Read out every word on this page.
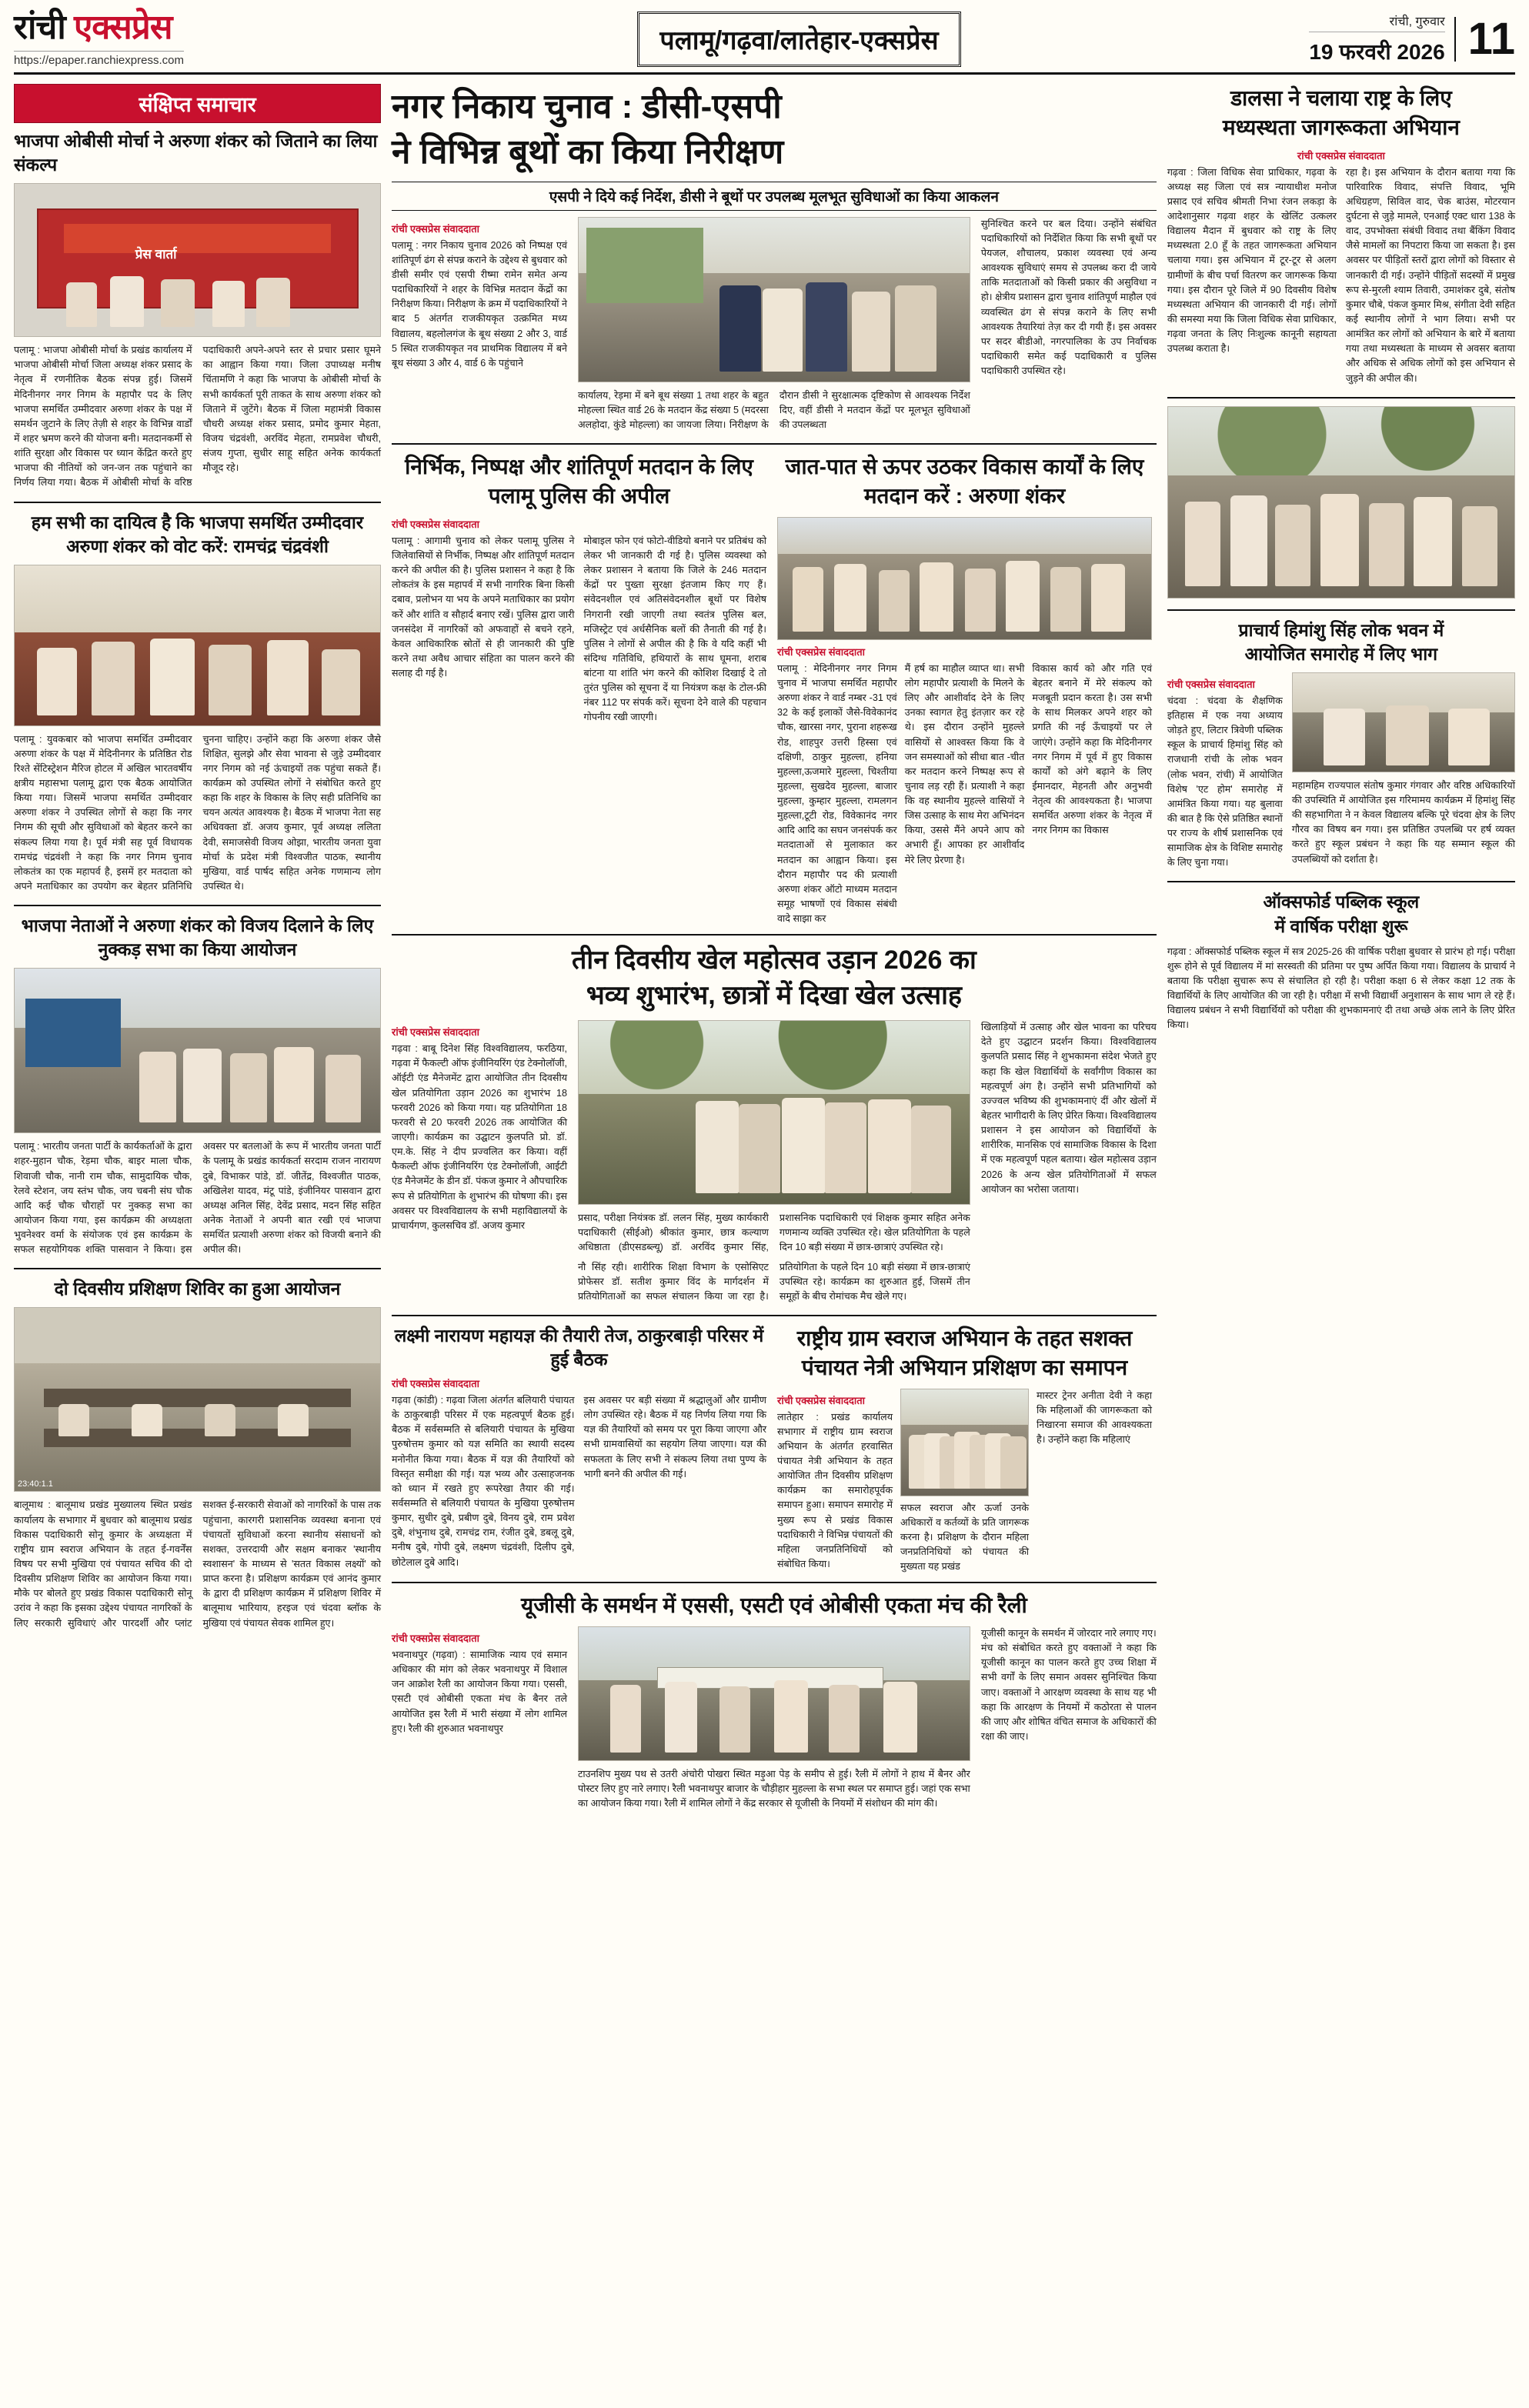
रांची एक्सप्रेस
https://epaper.ranchiexpress.com
पलामू/गढ़वा/लातेहार-एक्सप्रेस
रांची, गुरुवार
19 फरवरी 2026 11
संक्षिप्त समाचार
भाजपा ओबीसी मोर्चा ने अरुणा शंकर को जिताने का लिया संकल्प
प्रेस वार्ता
पलामू : भाजपा ओबीसी मोर्चा के प्रखंड कार्यालय में भाजपा ओबीसी मोर्चा जिला अध्यक्ष शंकर प्रसाद के नेतृत्व में रणनीतिक बैठक संपन्न हुई। जिसमें मेदिनीनगर नगर निगम के महापौर पद के लिए भाजपा समर्थित उम्मीदवार अरुणा शंकर के पक्ष में समर्थन जुटाने के लिए तेज़ी से शहर के विभिन्न वार्डों में शहर भ्रमण करने की योजना बनी। मतदानकर्मी से शांति सुरक्षा और विकास पर ध्यान केंद्रित करते हुए भाजपा की नीतियों को जन-जन तक पहुंचाने का निर्णय लिया गया। बैठक में ओबीसी मोर्चा के वरिष्ठ पदाधिकारी अपने-अपने स्तर से प्रचार प्रसार घूमने का आह्वान किया गया। जिला उपाध्यक्ष मनीष चिंतामणि ने कहा कि भाजपा के ओबीसी मोर्चा के सभी कार्यकर्ता पूरी ताकत के साथ अरुणा शंकर को जिताने में जुटेंगे। बैठक में जिला महामंत्री विकास चौधरी अध्यक्ष शंकर प्रसाद, प्रमोद कुमार मेहता, विजय चंद्रवंशी, अरविंद मेहता, रामप्रवेश चौधरी, संजय गुप्ता, सुधीर साहू सहित अनेक कार्यकर्ता मौजूद रहे।
हम सभी का दायित्व है कि भाजपा समर्थित उम्मीदवार अरुणा शंकर को वोट करें: रामचंद्र चंद्रवंशी
पलामू : युवकबार को भाजपा समर्थित उम्मीदवार अरुणा शंकर के पक्ष में मेदिनीनगर के प्रतिष्ठित रोड रिश्ते सेंटिस्ट्रेशन मैरिज होटल में अखिल भारतवर्षीय क्षत्रीय महासभा पलामू द्वारा एक बैठक आयोजित किया गया। जिसमें भाजपा समर्थित उम्मीदवार अरुणा शंकर ने उपस्थित लोगों से कहा कि नगर निगम की सूची और सुविधाओं को बेहतर करने का संकल्प लिया गया है। पूर्व मंत्री सह पूर्व विधायक रामचंद्र चंद्रवंशी ने कहा कि नगर निगम चुनाव लोकतंत्र का एक महापर्व है, इसमें हर मतदाता को अपने मताधिकार का उपयोग कर बेहतर प्रतिनिधि चुनना चाहिए। उन्होंने कहा कि अरुणा शंकर जैसे शिक्षित, सुलझे और सेवा भावना से जुड़े उम्मीदवार नगर निगम को नई ऊंचाइयों तक पहुंचा सकते हैं। कार्यक्रम को उपस्थित लोगों ने संबोधित करते हुए कहा कि शहर के विकास के लिए सही प्रतिनिधि का चयन अत्यंत आवश्यक है। बैठक में भाजपा नेता सह अधिवक्ता डॉ. अजय कुमार, पूर्व अध्यक्ष ललिता देवी, समाजसेवी विजय ओझा, भारतीय जनता युवा मोर्चा के प्रदेश मंत्री विश्वजीत पाठक, स्थानीय मुखिया, वार्ड पार्षद सहित अनेक गणमान्य लोग उपस्थित थे।
भाजपा नेताओं ने अरुणा शंकर को विजय दिलाने के लिए नुक्कड़ सभा का किया आयोजन
पलामू : भारतीय जनता पार्टी के कार्यकर्ताओं के द्वारा शहर-मुहान चौक, रेड़मा चौक, बाइर माला चौक, शिवाजी चौक, नानी राम चौक, सामुदायिक चौक, रेलवे स्टेशन, जय स्तंभ चौक, जय चबनी संघ चौक आदि कई चौक चौराहों पर नुक्कड़ सभा का आयोजन किया गया, इस कार्यक्रम की अध्यक्षता भुवनेश्वर वर्मा के संयोजक एवं इस कार्यक्रम के सफल सहयोगियक शक्ति पासवान ने किया। इस अवसर पर बतलाओं के रूप में भारतीय जनता पार्टी के पलामू के प्रखंड कार्यकर्ता सरदाम राजन नारायण दुबे, विभाकर पांडे, डॉ. जीतेंद्र, विश्वजीत पाठक, अखिलेश यादव, मंटू पांडे, इंजीनियर पासवान द्वारा अध्यक्ष अनिल सिंह, देवेंद्र प्रसाद, मदन सिंह सहित अनेक नेताओं ने अपनी बात रखी एवं भाजपा समर्थित प्रत्याशी अरुणा शंकर को विजयी बनाने की अपील की।
दो दिवसीय प्रशिक्षण शिविर का हुआ आयोजन
23:40:1.1
बालूमाथ : बालूमाथ प्रखंड मुख्यालय स्थित प्रखंड कार्यालय के सभागार में बुधवार को बालूमाथ प्रखंड विकास पदाधिकारी सोनू कुमार के अध्यक्षता में राष्ट्रीय ग्राम स्वराज अभियान के तहत ई-गवर्नेंस विषय पर सभी मुखिया एवं पंचायत सचिव की दो दिवसीय प्रशिक्षण शिविर का आयोजन किया गया। मौके पर बोलते हुए प्रखंड विकास पदाधिकारी सोनू उरांव ने कहा कि इसका उद्देश्य पंचायत नागरिकों के लिए सरकारी सुविधाएं और पारदर्शी और प्लांट सशक्त ई-सरकारी सेवाओं को नागरिकों के पास तक पहुंचाना, कारगरी प्रशासनिक व्यवस्था बनाना एवं पंचायतों सुविधाओं करना स्थानीय संसाधनों को सशक्त, उत्तरदायी और सक्षम बनाकर 'स्थानीय स्वशासन' के माध्यम से 'सतत विकास लक्ष्यों' को प्राप्त करना है। प्रशिक्षण कार्यक्रम एवं आनंद कुमार के द्वारा दी प्रशिक्षण कार्यक्रम में प्रशिक्षण शिविर में बालूमाथ भारियाय, हरइज एवं चंदवा ब्लॉक के मुखिया एवं पंचायत सेवक शामिल हुए।
नगर निकाय चुनाव : डीसी-एसपी
ने विभिन्न बूथों का किया निरीक्षण
एसपी ने दिये कई निर्देश, डीसी ने बूथों पर उपलब्ध मूलभूत सुविधाओं का किया आकलन
रांची एक्सप्रेस संवाददाता
पलामू : नगर निकाय चुनाव 2026 को निष्पक्ष एवं शांतिपूर्ण ढंग से संपन्न कराने के उद्देश्य से बुधवार को डीसी समीर एवं एसपी रीष्मा रामेन समेत अन्य पदाधिकारियों ने शहर के विभिन्न मतदान केंद्रों का निरीक्षण किया। निरीक्षण के क्रम में पदाधिकारियों ने बाद 5 अंतर्गत राजकीयकृत उत्क्रमित मध्य विद्यालय, बहलोलगंज के बूथ संख्या 2 और 3, वार्ड 5 स्थित राजकीयकृत नव प्राथमिक विद्यालय में बने बूथ संख्या 3 और 4, वार्ड 6 के पहुंचाने
कार्यालय, रेड़मा में बने बूथ संख्या 1 तथा शहर के बहुत मोहल्ला स्थित वार्ड 26 के मतदान केंद्र संख्या 5 (मदरसा अलहोदा, कुंडे मोहल्ला) का जायजा लिया। निरीक्षण के दौरान डीसी ने सुरक्षात्मक दृष्टिकोण से आवश्यक निर्देश दिए, वहीं डीसी ने मतदान केंद्रों पर मूलभूत सुविधाओं की उपलब्धता
सुनिश्चित करने पर बल दिया। उन्होंने संबंधित पदाधिकारियों को निर्देशित किया कि सभी बूथों पर पेयजल, शौचालय, प्रकाश व्यवस्था एवं अन्य आवश्यक सुविधाएं समय से उपलब्ध करा दी जाये ताकि मतदाताओं को किसी प्रकार की असुविधा न हो। क्षेत्रीय प्रशासन द्वारा चुनाव शांतिपूर्ण माहौल एवं व्यवस्थित ढंग से संपन्न कराने के लिए सभी आवश्यक तैयारियां तेज़ कर दी गयी हैं। इस अवसर पर सदर बीडीओ, नगरपालिका के उप निर्वाचक पदाधिकारी समेत कई पदाधिकारी व पुलिस पदाधिकारी उपस्थित रहे।
निर्भिक, निष्पक्ष और शांतिपूर्ण मतदान के लिए पलामू पुलिस की अपील
रांची एक्सप्रेस संवाददाता
पलामू : आगामी चुनाव को लेकर पलामू पुलिस ने जिलेवासियों से निर्भीक, निष्पक्ष और शांतिपूर्ण मतदान करने की अपील की है। पुलिस प्रशासन ने कहा है कि लोकतंत्र के इस महापर्व में सभी नागरिक बिना किसी दबाव, प्रलोभन या भय के अपने मताधिकार का प्रयोग करें और शांति व सौहार्द बनाए रखें। पुलिस द्वारा जारी जनसंदेश में नागरिकों को अफवाहों से बचने रहने, केवल आधिकारिक स्रोतों से ही जानकारी की पुष्टि करने तथा अवैध आचार संहिता का पालन करने की सलाह दी गई है।
मोबाइल फोन एवं फोटो-वीडियो बनाने पर प्रतिबंध को लेकर भी जानकारी दी गई है। पुलिस व्यवस्था को लेकर प्रशासन ने बताया कि जिले के 246 मतदान केंद्रों पर पुख्ता सुरक्षा इंतजाम किए गए हैं। संवेदनशील एवं अतिसंवेदनशील बूथों पर विशेष निगरानी रखी जाएगी तथा स्वतंत्र पुलिस बल, मजिस्ट्रेट एवं अर्धसैनिक बलों की तैनाती की गई है। पुलिस ने लोगों से अपील की है कि वे यदि कहीं भी संदिग्ध गतिविधि, हथियारों के साथ घूमना, शराब बांटना या शांति भंग करने की कोशिश दिखाई दे तो तुरंत पुलिस को सूचना दें या नियंत्रण कक्ष के टोल-फ्री नंबर 112 पर संपर्क करें। सूचना देने वाले की पहचान गोपनीय रखी जाएगी।
जात-पात से ऊपर उठकर विकास कार्यों के लिए मतदान करें : अरुणा शंकर
रांची एक्सप्रेस संवाददाता
पलामू : मेदिनीनगर नगर निगम चुनाव में भाजपा समर्थित महापौर अरुणा शंकर ने वार्ड नम्बर -31 एवं 32 के कई इलाकों जैसे-विवेकानंद चौक, खारसा नगर, पुराना शहरूख रोड, शाहपुर उत्तरी हिस्सा एवं दक्षिणी, ठाकुर मुहल्ला, हनिया मुहल्ला,ऊजमारे मुहल्ला, चिश्तीया मुहल्ला, सुखदेव मुहल्ला, बाजार मुहल्ला, कुम्हार मुहल्ला, रामलगन मुहल्ला,टूटी रोड, विवेकानंद नगर आदि आदि का सघन जनसंपर्क कर मतदाताओं से मुलाकात कर मतदान का आह्वान किया। इस दौरान महापौर पद की प्रत्याशी अरुणा शंकर ऑटो माध्यम मतदान समूह भाषणों एवं विकास संबंधी वादे साझा कर
मैं हर्ष का माहौल व्याप्त था। सभी लोग महापौर प्रत्याशी के मिलने के लिए और आशीर्वाद देने के लिए उनका स्वागत हेतु इंतज़ार कर रहे थे। इस दौरान उन्होंने मुहल्ले वासियों से आश्वस्त किया कि वे जन समस्याओं को सीधा बात -चीत कर मतदान करने निष्पक्ष रूप से चुनाव लड़ रही हैं। प्रत्याशी ने कहा कि वह स्थानीय मुहल्ले वासियों ने जिस उत्साह के साथ मेरा अभिनंदन किया, उससे मैंने अपने आप को अभारी हूँ। आपका हर आशीर्वाद मेरे लिए प्रेरणा है।
विकास कार्य को और गति एवं बेहतर बनाने में मेरे संकल्प को मजबूती प्रदान करता है। उस सभी के साथ मिलकर अपने शहर को प्रगति की नई ऊँचाइयों पर ले जाएंगे। उन्होंने कहा कि मेदिनीनगर नगर निगम में पूर्व में हुए विकास कार्यों को अंगे बढ़ाने के लिए ईमानदार, मेहनती और अनुभवी नेतृत्व की आवश्यकता है। भाजपा समर्थित अरुणा शंकर के नेतृत्व में नगर निगम का विकास
तीन दिवसीय खेल महोत्सव उड़ान 2026 का
भव्य शुभारंभ, छात्रों में दिखा खेल उत्साह
रांची एक्सप्रेस संवाददाता
गढ़वा : बाबू दिनेश सिंह विश्वविद्यालय, फरठिया, गढ़वा में फैकल्टी ऑफ इंजीनियरिंग एंड टेक्नोलॉजी, ऑईटी एंड मैनेजमेंट द्वारा आयोजित तीन दिवसीय खेल प्रतियोगिता उड़ान 2026 का शुभारंभ 18 फरवरी 2026 को किया गया। यह प्रतियोगिता 18 फरवरी से 20 फरवरी 2026 तक आयोजित की जाएगी। कार्यक्रम का उद्घाटन कुलपति प्रो. डॉ. एम.के. सिंह ने दीप प्रज्वलित कर किया। वहीं फैकल्टी ऑफ इंजीनियरिंग एंड टेक्नोलॉजी, आईटी एंड मैनेजमेंट के डीन डॉ. पंकज कुमार ने औपचारिक रूप से प्रतियोगिता के शुभारंभ की घोषणा की। इस अवसर पर विश्वविद्यालय के सभी महाविद्यालयों के प्राचार्यगण, कुलसचिव डॉ. अजय कुमार
प्रसाद, परीक्षा नियंत्रक डॉ. ललन सिंह, मुख्य कार्यकारी पदाधिकारी (सीईओ) श्रीकांत कुमार, छात्र कल्याण अधिष्ठाता (डीएसडब्ल्यू) डॉ. अरविंद कुमार सिंह, प्रशासनिक पदाधिकारी एवं शिक्षक कुमार सहित अनेक गणमान्य व्यक्ति उपस्थित रहे। खेल प्रतियोगिता के पहले दिन 10 बड़ी संख्या में छात्र-छात्राएं उपस्थित रहे।
नौ सिंह रही। शारीरिक शिक्षा विभाग के एसोसिएट प्रोफेसर डॉ. सतीश कुमार विंद के मार्गदर्शन में प्रतियोगिताओं का सफल संचालन किया जा रहा है। प्रतियोगिता के पहले दिन 10 बड़ी संख्या में छात्र-छात्राएं उपस्थित रहे। कार्यक्रम का शुरुआत हुई, जिसमें तीन समूहों के बीच रोमांचक मैच खेले गए।
खिलाड़ियों में उत्साह और खेल भावना का परिचय देते हुए उद्घाटन प्रदर्शन किया। विश्वविद्यालय कुलपति प्रसाद सिंह ने शुभकामना संदेश भेजते हुए कहा कि खेल विद्यार्थियों के सर्वांगीण विकास का महत्वपूर्ण अंग है। उन्होंने सभी प्रतिभागियों को उज्ज्वल भविष्य की शुभकामनाएं दीं और खेलों में बेहतर भागीदारी के लिए प्रेरित किया। विश्वविद्यालय प्रशासन ने इस आयोजन को विद्यार्थियों के शारीरिक, मानसिक एवं सामाजिक विकास के दिशा में एक महत्वपूर्ण पहल बताया। खेल महोत्सव उड़ान 2026 के अन्य खेल प्रतियोगिताओं में सफल आयोजन का भरोसा जताया।
लक्ष्मी नारायण महायज्ञ की तैयारी तेज, ठाकुरबाड़ी परिसर में हुई बैठक
रांची एक्सप्रेस संवाददाता
गढ़वा (कांडी) : गढ़वा जिला अंतर्गत बलियारी पंचायत के ठाकुरबाड़ी परिसर में एक महत्वपूर्ण बैठक हुई। बैठक में सर्वसम्मति से बलियारी पंचायत के मुखिया पुरुषोत्तम कुमार को यज्ञ समिति का स्थायी सदस्य मनोनीत किया गया। बैठक में यज्ञ की तैयारियों को विस्तृत समीक्षा की गई। यज्ञ भव्य और उत्साहजनक को ध्यान में रखते हुए रूपरेखा तैयार की गई। सर्वसम्मति से बलियारी पंचायत के मुखिया पुरुषोत्तम कुमार, सुधीर दुबे, प्रबीण दुबे, विनय दुबे, राम प्रवेश दुबे, शंभुनाथ दुबे, रामचंद्र राम, रंजीत दुबे, डबलू दुबे, मनीष दुबे, गोपी दुबे, लक्ष्मण चंद्रवंशी, दिलीप दुबे, छोटेलाल दुबे आदि।
इस अवसर पर बड़ी संख्या में श्रद्धालुओं और ग्रामीण लोग उपस्थित रहे। बैठक में यह निर्णय लिया गया कि यज्ञ की तैयारियों को समय पर पूरा किया जाएगा और सभी ग्रामवासियों का सहयोग लिया जाएगा। यज्ञ की सफलता के लिए सभी ने संकल्प लिया तथा पुण्य के भागी बनने की अपील की गई।
राष्ट्रीय ग्राम स्वराज अभियान के तहत सशक्त
पंचायत नेत्री अभियान प्रशिक्षण का समापन
रांची एक्सप्रेस संवाददाता
लातेहार : प्रखंड कार्यालय सभागार में राष्ट्रीय ग्राम स्वराज अभियान के अंतर्गत हरवासित पंचायत नेत्री अभियान के तहत आयोजित तीन दिवसीय प्रशिक्षण कार्यक्रम का समारोहपूर्वक समापन हुआ। समापन समारोह में मुख्य रूप से प्रखंड विकास पदाधिकारी ने विभिन्न पंचायतों की महिला जनप्रतिनिधियों को संबोधित किया।
सफल स्वराज और ऊर्जा उनके अधिकारों व कर्तव्यों के प्रति जागरूक करना है। प्रशिक्षण के दौरान महिला जनप्रतिनिधियों को पंचायत की मुख्यता यह प्रखंड
मास्टर ट्रेनर अनीता देवी ने कहा कि महिलाओं की जागरूकता को निखारना समाज की आवश्यकता है। उन्होंने कहा कि महिलाएं
यूजीसी के समर्थन में एससी, एसटी एवं ओबीसी एकता मंच की रैली
रांची एक्सप्रेस संवाददाता
भवनाथपुर (गढ़वा) : सामाजिक न्याय एवं समान अधिकार की मांग को लेकर भवनाथपुर में विशाल जन आक्रोश रैली का आयोजन किया गया। एससी, एसटी एवं ओबीसी एकता मंच के बैनर तले आयोजित इस रैली में भारी संख्या में लोग शामिल हुए। रैली की शुरुआत भवनाथपुर
टाउनशिप मुख्य पथ से उतरी अंचोरी पोखरा स्थित मड़ुआ पेड़ के समीप से हुई। रैली में लोगों ने हाथ में बैनर और पोस्टर लिए हुए नारे लगाए। रैली भवनाथपुर बाजार के चौड़ीहार मुहल्ला के सभा स्थल पर समाप्त हुई। जहां एक सभा का आयोजन किया गया। रैली में शामिल लोगों ने केंद्र सरकार से यूजीसी के नियमों में संशोधन की मांग की।
यूजीसी कानून के समर्थन में जोरदार नारे लगाए गए। मंच को संबोधित करते हुए वक्ताओं ने कहा कि यूजीसी कानून का पालन करते हुए उच्च शिक्षा में सभी वर्गों के लिए समान अवसर सुनिश्चित किया जाए। वक्ताओं ने आरक्षण व्यवस्था के साथ यह भी कहा कि आरक्षण के नियमों में कठोरता से पालन की जाए और शोषित वंचित समाज के अधिकारों की रक्षा की जाए।
डालसा ने चलाया राष्ट्र के लिए
मध्यस्थता जागरूकता अभियान
रांची एक्सप्रेस संवाददाता
गढ़वा : जिला विधिक सेवा प्राधिकार, गढ़वा के अध्यक्ष सह जिला एवं सत्र न्यायाधीश मनोज प्रसाद एवं सचिव श्रीमती निभा रंजन लकड़ा के आदेशानुसार गढ़वा शहर के खेलिंट उत्कलर विद्यालय मैदान में बुधवार को राष्ट्र के लिए मध्यस्थता 2.0 हूँ के तहत जागरूकता अभियान चलाया गया। इस अभियान में टूर-टूर से अलग ग्रामीणों के बीच पर्चा वितरण कर जागरूक किया गया। इस दौरान पूरे जिले में 90 दिवसीय विशेष मध्यस्थता अभियान की जानकारी दी गई। लोगों की समस्या मया कि जिला विधिक सेवा प्राधिकार, गढ़वा जनता के लिए निःशुल्क कानूनी सहायता उपलब्ध कराता है।
रहा है। इस अभियान के दौरान बताया गया कि पारिवारिक विवाद, संपत्ति विवाद, भूमि अधिग्रहण, सिविल वाद, चेक बाउंस, मोटरयान दुर्घटना से जुड़े मामले, एनआई एक्ट धारा 138 के वाद, उपभोक्ता संबंधी विवाद तथा बैंकिंग विवाद जैसे मामलों का निपटारा किया जा सकता है। इस अवसर पर पीड़ितों स्तरों द्वारा लोगों को विस्तार से जानकारी दी गई। उन्होंने पीड़ितों सदस्यों में प्रमुख रूप से-मुरली श्याम तिवारी, उमाशंकर दुबे, संतोष कुमार चौबे, पंकज कुमार मिश्र, संगीता देवी सहित कई स्थानीय लोगों ने भाग लिया। सभी पर आमंत्रित कर लोगों को अभियान के बारे में बताया गया तथा मध्यस्थता के माध्यम से अवसर बताया और अधिक से अधिक लोगों को इस अभियान से जुड़ने की अपील की।
प्राचार्य हिमांशु सिंह लोक भवन में
आयोजित समारोह में लिए भाग
रांची एक्सप्रेस संवाददाता
चंदवा : चंदवा के शैक्षणिक इतिहास में एक नया अध्याय जोड़ते हुए, लिटार त्रिवेणी पब्लिक स्कूल के प्राचार्य हिमांशु सिंह को राजधानी रांची के लोक भवन (लोक भवन, रांची) में आयोजित विशेष 'एट होम' समारोह में आमंत्रित किया गया। यह बुलावा की बात है कि ऐसे प्रतिष्ठित स्थानों पर राज्य के शीर्ष प्रशासनिक एवं सामाजिक क्षेत्र के विशिष्ट समारोह के लिए चुना गया।
महामहिम राज्यपाल संतोष कुमार गंगवार और वरिष्ठ अधिकारियों की उपस्थिति में आयोजित इस गरिमामय कार्यक्रम में हिमांशु सिंह की सहभागिता ने न केवल विद्यालय बल्कि पूरे चंदवा क्षेत्र के लिए गौरव का विषय बन गया। इस प्रतिष्ठित उपलब्धि पर हर्ष व्यक्त करते हुए स्कूल प्रबंधन ने कहा कि यह सम्मान स्कूल की उपलब्धियों को दर्शाता है।
ऑक्सफोर्ड पब्लिक स्कूल
में वार्षिक परीक्षा शुरू
गढ़वा : ऑक्सफोर्ड पब्लिक स्कूल में सत्र 2025-26 की वार्षिक परीक्षा बुधवार से प्रारंभ हो गई। परीक्षा शुरू होने से पूर्व विद्यालय में मां सरस्वती की प्रतिमा पर पुष्प अर्पित किया गया। विद्यालय के प्राचार्य ने बताया कि परीक्षा सुचारू रूप से संचालित हो रही है। परीक्षा कक्षा 6 से लेकर कक्षा 12 तक के विद्यार्थियों के लिए आयोजित की जा रही है। परीक्षा में सभी विद्यार्थी अनुशासन के साथ भाग ले रहे हैं। विद्यालय प्रबंधन ने सभी विद्यार्थियों को परीक्षा की शुभकामनाएं दी तथा अच्छे अंक लाने के लिए प्रेरित किया।
